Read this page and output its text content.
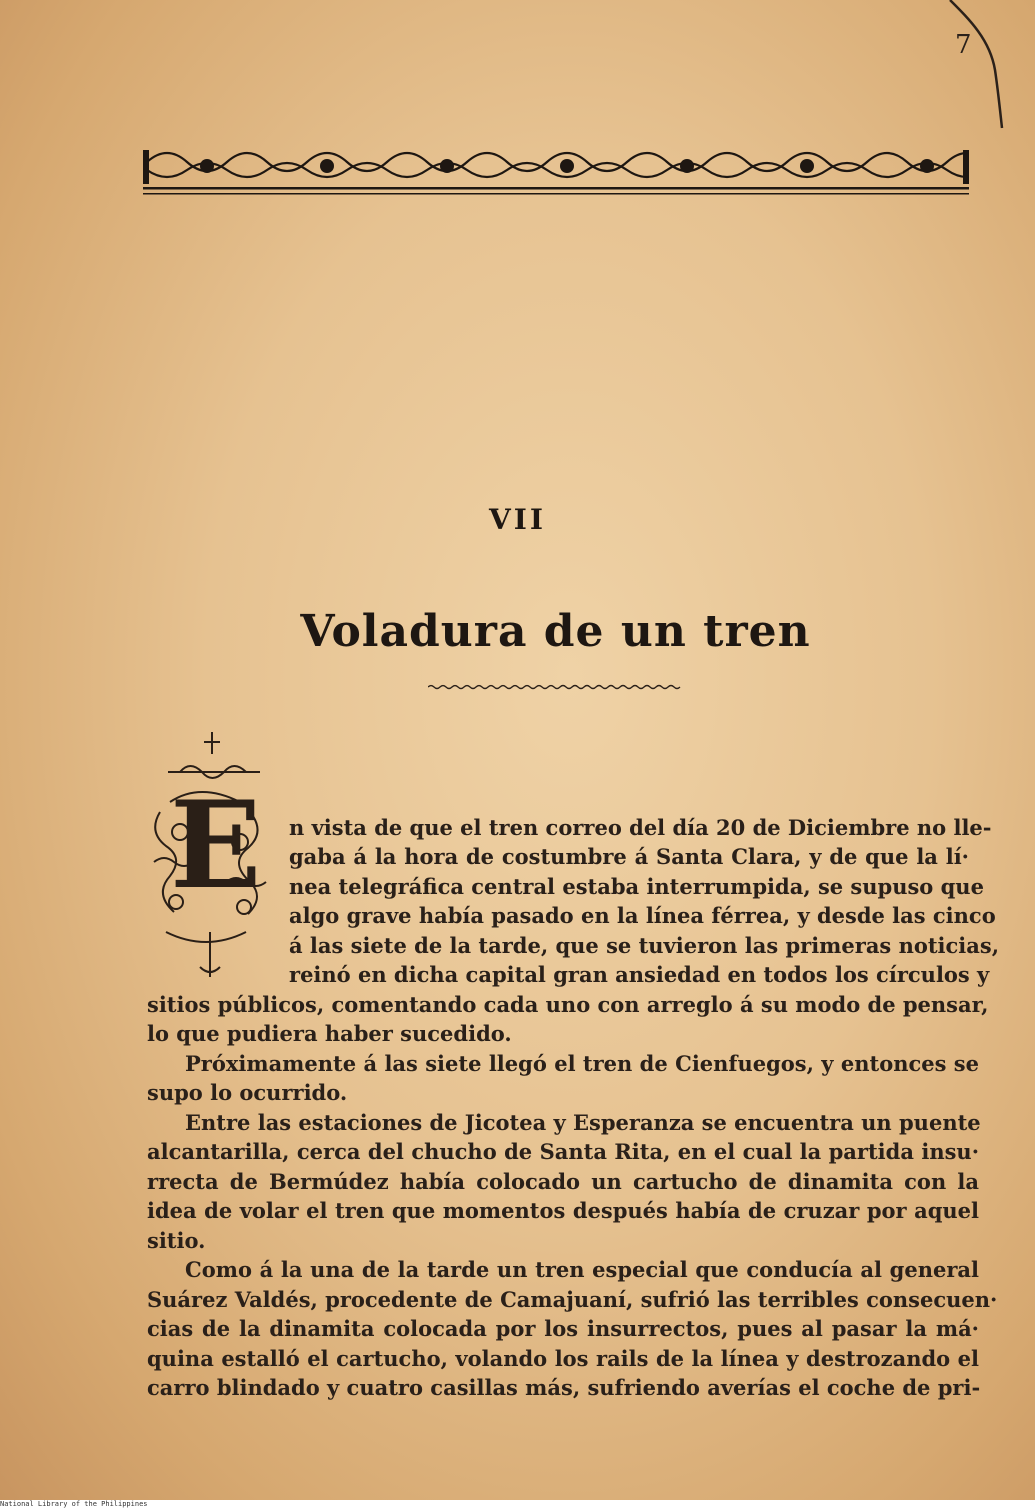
7
VII
Voladura de un tren
E n vista de que el tren correo del día 20 de Diciembre no lle-
gaba á la hora de costumbre á Santa Clara, y de que la lí·
nea telegráfica central estaba interrumpida, se supuso que
algo grave había pasado en la línea férrea, y desde las cinco
á las siete de la tarde, que se tuvieron las primeras noticias,
reinó en dicha capital gran ansiedad en todos los círculos y
sitios públicos, comentando cada uno con arreglo á su modo de pensar,
lo que pudiera haber sucedido.
Próximamente á las siete llegó el tren de Cienfuegos, y entonces se
supo lo ocurrido.
Entre las estaciones de Jicotea y Esperanza se encuentra un puente
alcantarilla, cerca del chucho de Santa Rita, en el cual la partida insu·
rrecta de Bermúdez había colocado un cartucho de dinamita con la
idea de volar el tren que momentos después había de cruzar por aquel
sitio.
Como á la una de la tarde un tren especial que conducía al general
Suárez Valdés, procedente de Camajuaní, sufrió las terribles consecuen·
cias de la dinamita colocada por los insurrectos, pues al pasar la má·
quina estalló el cartucho, volando los rails de la línea y destrozando el
carro blindado y cuatro casillas más, sufriendo averías el coche de pri-
National Library of the Philippines
